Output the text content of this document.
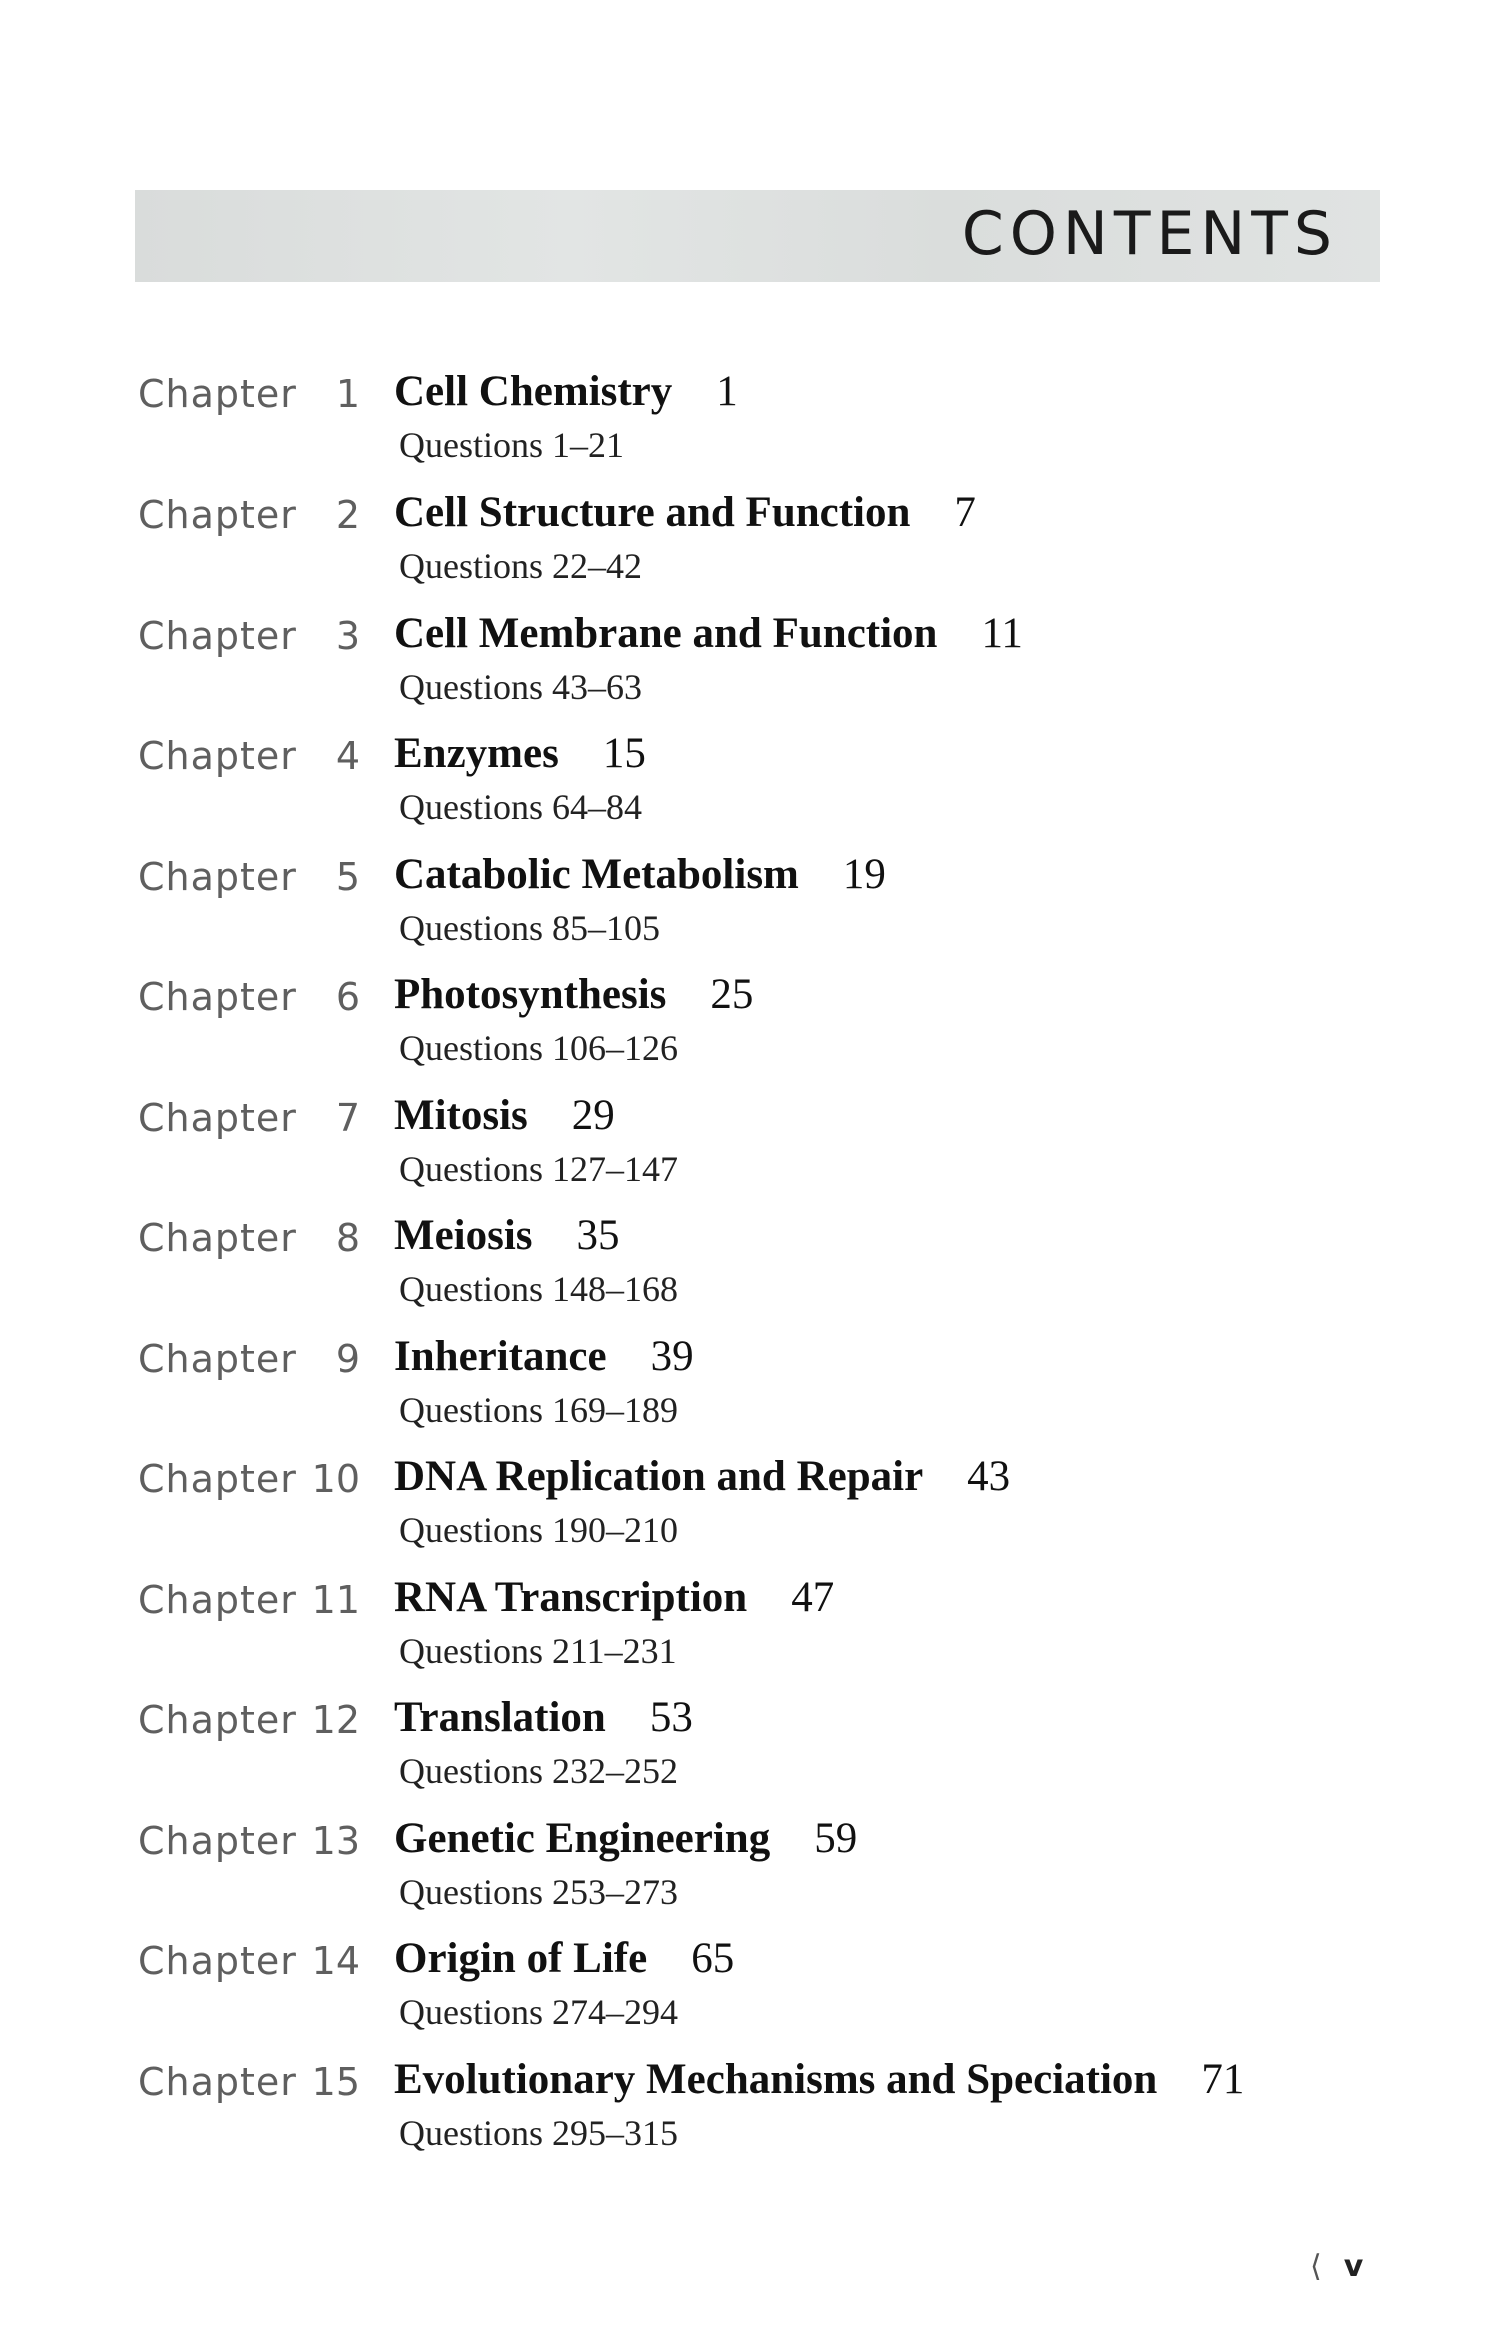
CONTENTS
Chapter	1 Cell Chemistry 1
Questions 1–21
Chapter	2 Cell Structure and Function 7
Questions 22–42
Chapter	3 Cell Membrane and Function 11
Questions 43–63
Chapter	4 Enzymes 15
Questions 64–84
Chapter	5 Catabolic Metabolism 19
Questions 85–105
Chapter	6 Photosynthesis 25
Questions 106–126
Chapter	7 Mitosis 29
Questions 127–147
Chapter	8 Meiosis 35
Questions 148–168
Chapter	9 Inheritance 39
Questions 169–189
Chapter 10 DNA Replication and Repair 43
Questions 190–210
Chapter 11 RNA Transcription 47
Questions 211–231
Chapter 12 Translation 53
Questions 232–252
Chapter 13 Genetic Engineering 59
Questions 253–273
Chapter 14 Origin of Life 65
Questions 274–294
Chapter 15 Evolutionary Mechanisms and Speciation 71
Questions 295–315
⟨ v
